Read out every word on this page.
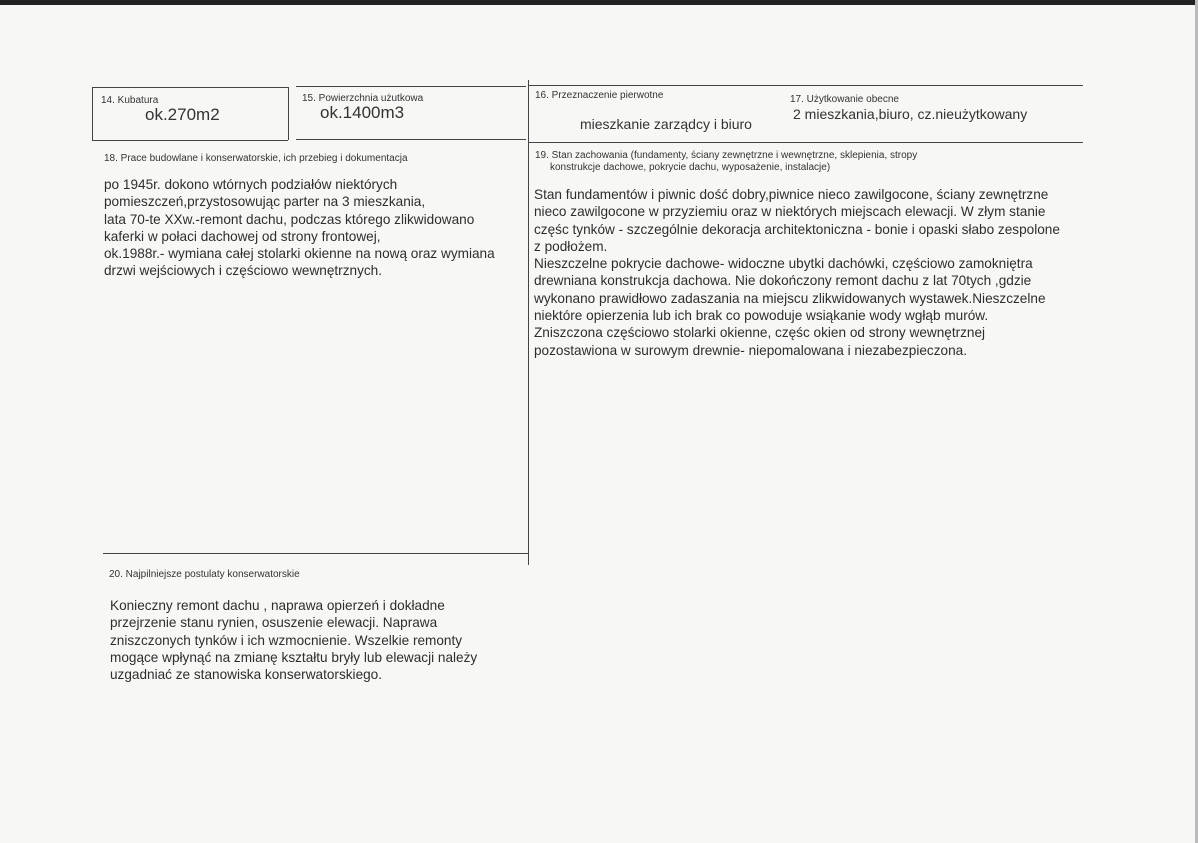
14. Kubatura
ok.270m2
15. Powierzchnia użutkowa
ok.1400m3
16. Przeznaczenie pierwotne
mieszkanie zarządcy i biuro
17. Użytkowanie obecne
2 mieszkania,biuro, cz.nieużytkowany
18. Prace budowlane i konserwatorskie, ich przebieg i dokumentacja
po 1945r. dokono wtórnych podziałów niektórych
pomieszczeń,przystosowując parter na 3 mieszkania,
lata 70-te XXw.-remont dachu, podczas którego zlikwidowano
kaferki w połaci dachowej od strony frontowej,
ok.1988r.- wymiana całej stolarki okienne na nową oraz wymiana
drzwi wejściowych i częściowo wewnętrznych.
19. Stan zachowania (fundamenty, ściany zewnętrzne i wewnętrzne, sklepienia, stropy
konstrukcje dachowe, pokrycie dachu, wyposażenie, instalacje)
Stan fundamentów i piwnic dość dobry,piwnice nieco zawilgocone, ściany zewnętrzne
nieco zawilgocone w przyziemiu oraz w niektórych miejscach elewacji. W złym stanie
częśc tynków - szczególnie dekoracja architektoniczna - bonie i opaski słabo zespolone
z podłożem.
Nieszczelne pokrycie dachowe- widoczne ubytki dachówki, częściowo zamokniętra
drewniana konstrukcja dachowa. Nie dokończony remont dachu z lat 70tych ,gdzie
wykonano prawidłowo zadaszania na miejscu zlikwidowanych wystawek.Nieszczelne
niektóre opierzenia lub ich brak co powoduje wsiąkanie wody wgłąb murów.
Zniszczona częściowo stolarki okienne, częśc okien od strony wewnętrznej
pozostawiona w surowym drewnie- niepomalowana i niezabezpieczona.
20. Najpilniejsze postulaty konserwatorskie
Konieczny remont dachu , naprawa opierzeń i dokładne
przejrzenie stanu rynien, osuszenie elewacji. Naprawa
zniszczonych tynków i ich wzmocnienie. Wszelkie remonty
mogące wpłynąć na zmianę kształtu bryły lub elewacji należy
uzgadniać ze stanowiska konserwatorskiego.
